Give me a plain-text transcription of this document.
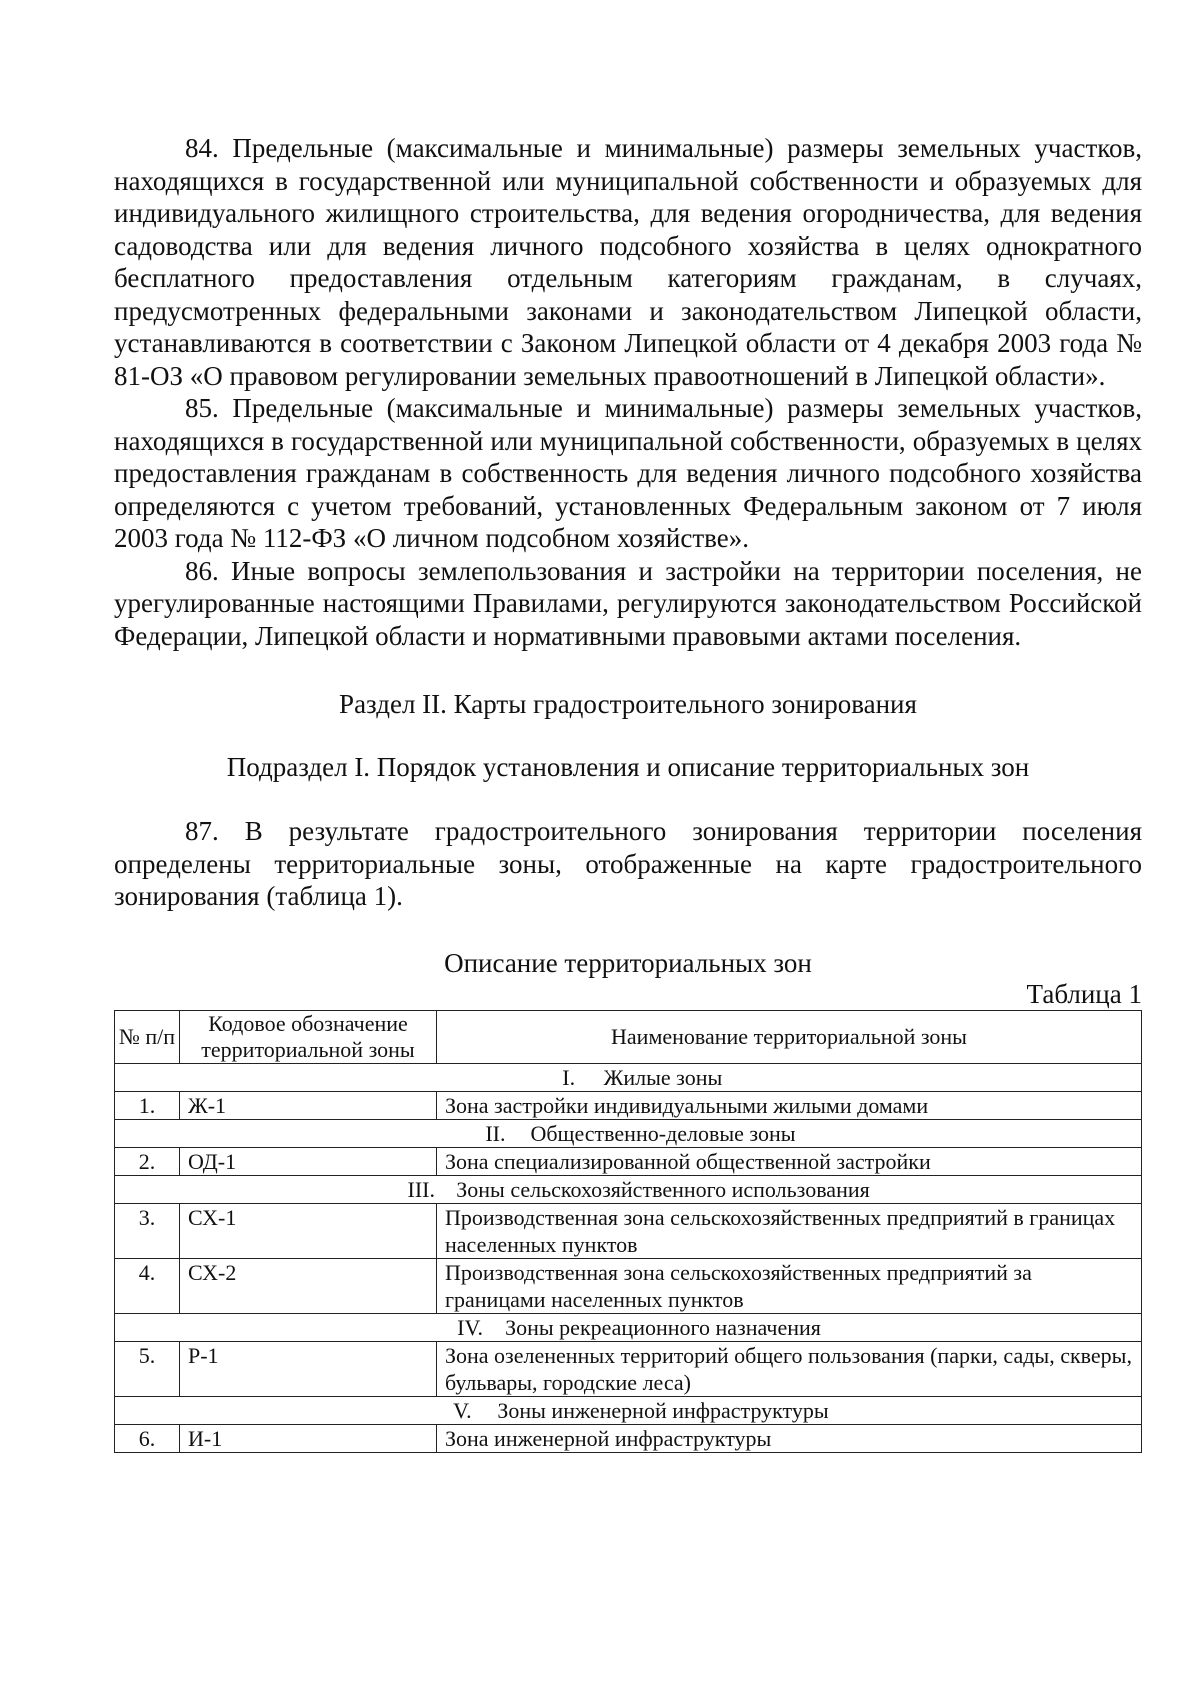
84. Предельные (максимальные и минимальные) размеры земельных участков, находящихся в государственной или муниципальной собственности и образуемых для индивидуального жилищного строительства, для ведения огородничества, для ведения садоводства или для ведения личного подсобного хозяйства в целях однократного бесплатного предоставления отдельным категориям гражданам, в случаях, предусмотренных федеральными законами и законодательством Липецкой области, устанавливаются в соответствии с Законом Липецкой области от 4 декабря 2003 года № 81-ОЗ «О правовом регулировании земельных правоотношений в Липецкой области».

85. Предельные (максимальные и минимальные) размеры земельных участков, находящихся в государственной или муниципальной собственности, образуемых в целях предоставления гражданам в собственность для ведения личного подсобного хозяйства определяются с учетом требований, установленных Федеральным законом от 7 июля 2003 года № 112-ФЗ «О личном подсобном хозяйстве».

86. Иные вопросы землепользования и застройки на территории поселения, не урегулированные настоящими Правилами, регулируются законодательством Российской Федерации, Липецкой области и нормативными правовыми актами поселения.

Раздел II. Карты градостроительного зонирования

Подраздел I. Порядок установления и описание территориальных зон

87. В результате градостроительного зонирования территории поселения определены территориальные зоны, отображенные на карте градостроительного зонирования (таблица 1).

Описание территориальных зон

Таблица 1

№ п/п	Кодовое обозначение территориальной зоны	Наименование территориальной зоны
I. Жилые зоны		
1.	Ж-1	Зона застройки индивидуальными жилыми домами
II. Общественно-деловые зоны		
2.	ОД-1	Зона специализированной общественной застройки
III. Зоны сельскохозяйственного использования		
3.	СХ-1	Производственная зона сельскохозяйственных предприятий в границах населенных пунктов
4.	СХ-2	Производственная зона сельскохозяйственных предприятий за границами населенных пунктов
IV. Зоны рекреационного назначения		
5.	Р-1	Зона озелененных территорий общего пользования (парки, сады, скверы, бульвары, городские леса)
V. Зоны инженерной инфраструктуры		
6.	И-1	Зона инженерной инфраструктуры
